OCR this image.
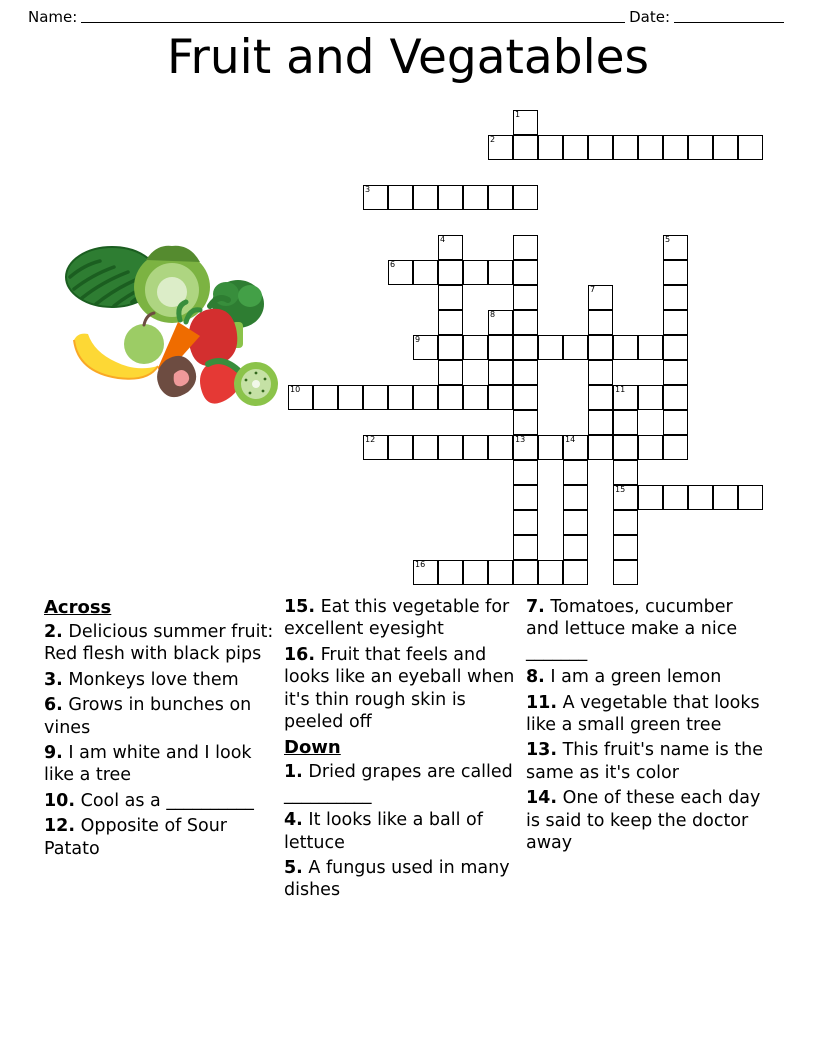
Name:	Date:
Fruit and Vegatables
1
2
3
4	5
6
7
8
9
10	11
12	13	14
15
16
Across
2. Delicious summer fruit: Red flesh with black pips
3. Monkeys love them
6. Grows in bunches on vines
9. I am white and I look like a tree
10. Cool as a __________
12. Opposite of Sour Patato
15. Eat this vegetable for excellent eyesight
16. Fruit that feels and looks like an eyeball when it's thin rough skin is peeled off
Down
1. Dried grapes are called __________
4. It looks like a ball of lettuce
5. A fungus used in many dishes
7. Tomatoes, cucumber and lettuce make a nice _______
8. I am a green lemon
11. A vegetable that looks like a small green tree
13. This fruit's name is the same as it's color
14. One of these each day is said to keep the doctor away
